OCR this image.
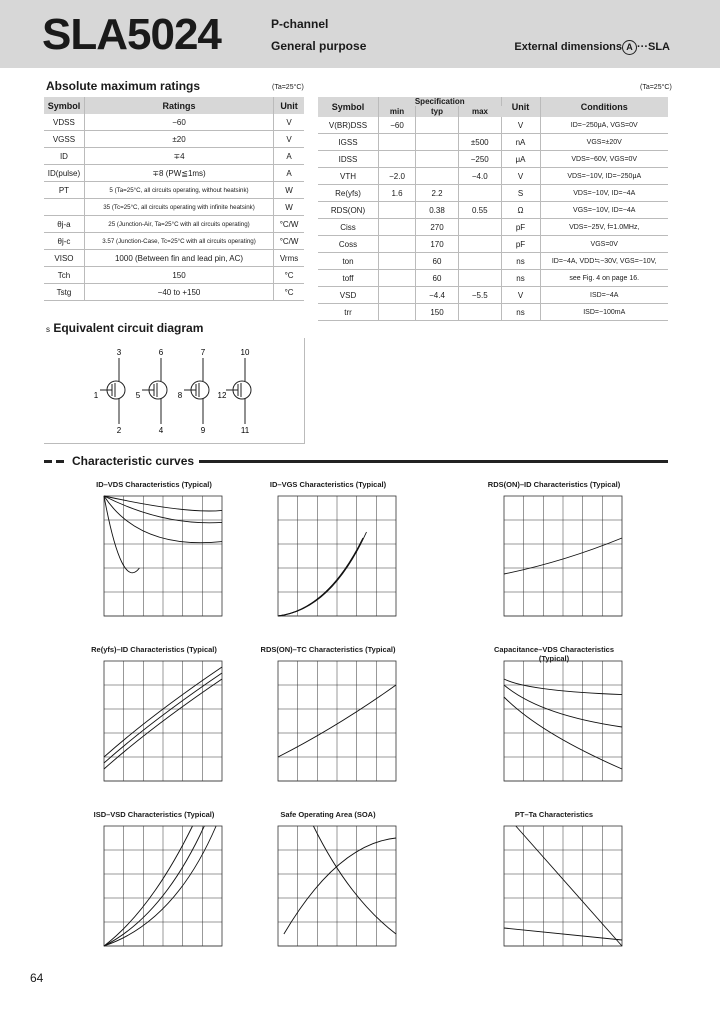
SLA5024	P-channel
General purpose	External dimensions A ···SLA
Absolute maximum ratings	(Ta=25°C)
Symbol	Ratings	Unit
VDSS	−60	V
VGSS	±20	V
ID	∓4	A
ID(pulse)	∓8 (PW≦1ms)	A
PT	5 (Ta=25°C, all circuits operating, without heatsink)	W
	35 (Tc=25°C, all circuits operating with infinite heatsink)	W
θj-a	25 (Junction-Air, Ta=25°C with all circuits operating)	°C/W
θj-c	3.57 (Junction-Case, Tc=25°C with all circuits operating)	°C/W
VISO	1000 (Between fin and lead pin, AC)	Vrms
Tch	150	°C
Tstg	−40 to +150	°C
(Ta=25°C)
Symbol	Specification			Unit	Conditions
	min	typ	max		
V(BR)DSS	−60			V	ID=−250μA, VGS=0V
IGSS			±500	nA	VGS=±20V
IDSS			−250	μA	VDS=−60V, VGS=0V
VTH	−2.0		−4.0	V	VDS=−10V, ID=−250μA
Re(yfs)	1.6	2.2		S	VDS=−10V, ID=−4A
RDS(ON)		0.38	0.55	Ω	VGS=−10V, ID=−4A
Ciss		270		pF	VDS=−25V, f=1.0MHz,
Coss		170		pF	VGS=0V
ton		60		ns	ID=−4A, VDD≒−30V, VGS=−10V,
toff		60		ns	see Fig. 4 on page 16.
VSD		−4.4	−5.5	V	ISD=−4A
trr		150		ns	ISD=−100mA
s Equivalent circuit diagram
3
1
2
6
5
4
7
8
9
10
12
11
Characteristic curves
ID–VDS Characteristics (Typical)	ID–VGS Characteristics (Typical)	RDS(ON)–ID Characteristics (Typical)
Re(yfs)–ID Characteristics (Typical)	RDS(ON)–TC Characteristics (Typical)	Capacitance–VDS Characteristics (Typical)
ISD–VSD Characteristics (Typical)	Safe Operating Area (SOA)	PT–Ta Characteristics
64
